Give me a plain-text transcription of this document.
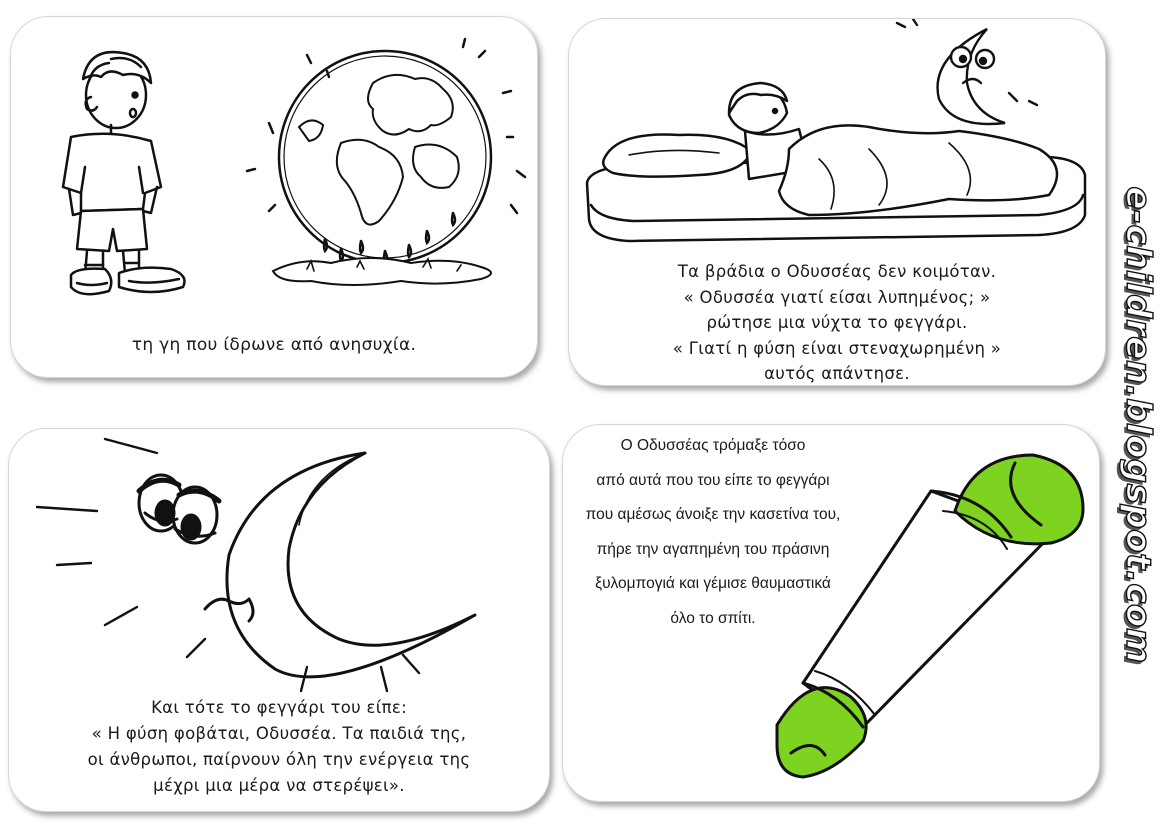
τη γη που ίδρωνε από ανησυχία.
Τα βράδια ο Οδυσσέας δεν κοιμόταν.
« Οδυσσέα γιατί είσαι λυπημένος; »
ρώτησε μια νύχτα το φεγγάρι.
« Γιατί η φύση είναι στεναχωρημένη »
αυτός απάντησε.
Και τότε το φεγγάρι του είπε:
« Η φύση φοβάται, Οδυσσέα. Τα παιδιά της,
οι άνθρωποι, παίρνουν όλη την ενέργεια της
μέχρι μια μέρα να στερέψει».
Ο Οδυσσέας τρόμαξε τόσο
από αυτά που του είπε το φεγγάρι
που αμέσως άνοιξε την κασετίνα του,
πήρε την αγαπημένη του πράσινη
ξυλομπογιά και γέμισε θαυμαστικά
όλο το σπίτι.	e-children.blogspot.com
